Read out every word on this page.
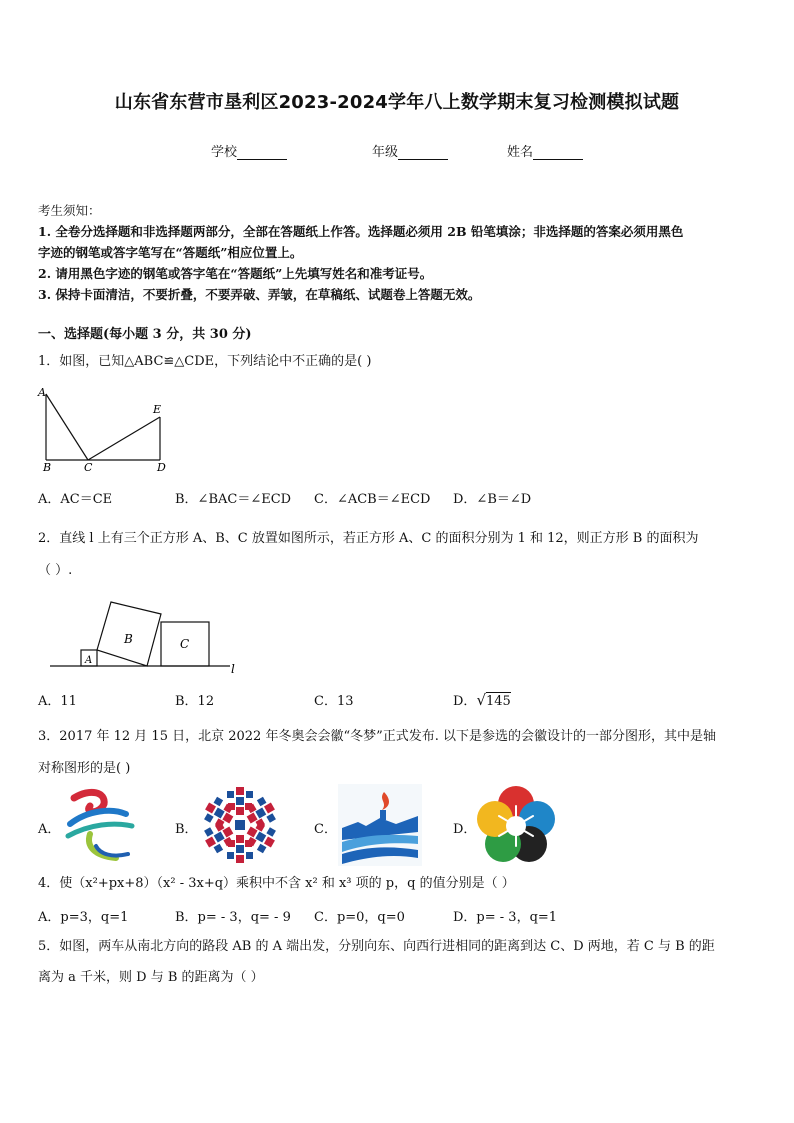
山东省东营市垦利区2023-2024学年八上数学期末复习检测模拟试题
学校	年级	姓名
考生须知：
1. 全卷分选择题和非选择题两部分，全部在答题纸上作答。选择题必须用 2B 铅笔填涂；非选择题的答案必须用黑色
字迹的钢笔或答字笔写在“答题纸”相应位置上。
2. 请用黑色字迹的钢笔或答字笔在“答题纸”上先填写姓名和准考证号。
3. 保持卡面清洁，不要折叠，不要弄破、弄皱，在草稿纸、试题卷上答题无效。
一、选择题(每小题 3 分，共 30 分)
1．如图，已知△ABC≌△CDE，下列结论中不正确的是( )
A
B	C	D
E
A．AC＝CE	B．∠BAC＝∠ECD C．∠ACB＝∠ECD D．∠B＝∠D
2．直线 l 上有三个正方形 A、B、C 放置如图所示，若正方形 A、C 的面积分别为 1 和 12，则正方形 B 的面积为
（ ）.
A
B	C
l
A．11	B．12	C．13	D．√145
3．2017 年 12 月 15 日，北京 2022 年冬奥会会徽“冬梦”正式发布. 以下是参选的会徽设计的一部分图形，其中是轴
对称图形的是( )
A．	B．	C．	D．
4．使（x²+px+8）（x² - 3x+q）乘积中不含 x² 和 x³ 项的 p，q 的值分别是（ ）
A．p=3，q=1	B．p= - 3，q= - 9 C．p=0，q=0	D．p= - 3，q=1
5．如图，两车从南北方向的路段 AB 的 A 端出发，分别向东、向西行进相同的距离到达 C、D 两地，若 C 与 B 的距
离为 a 千米，则 D 与 B 的距离为（ ）
